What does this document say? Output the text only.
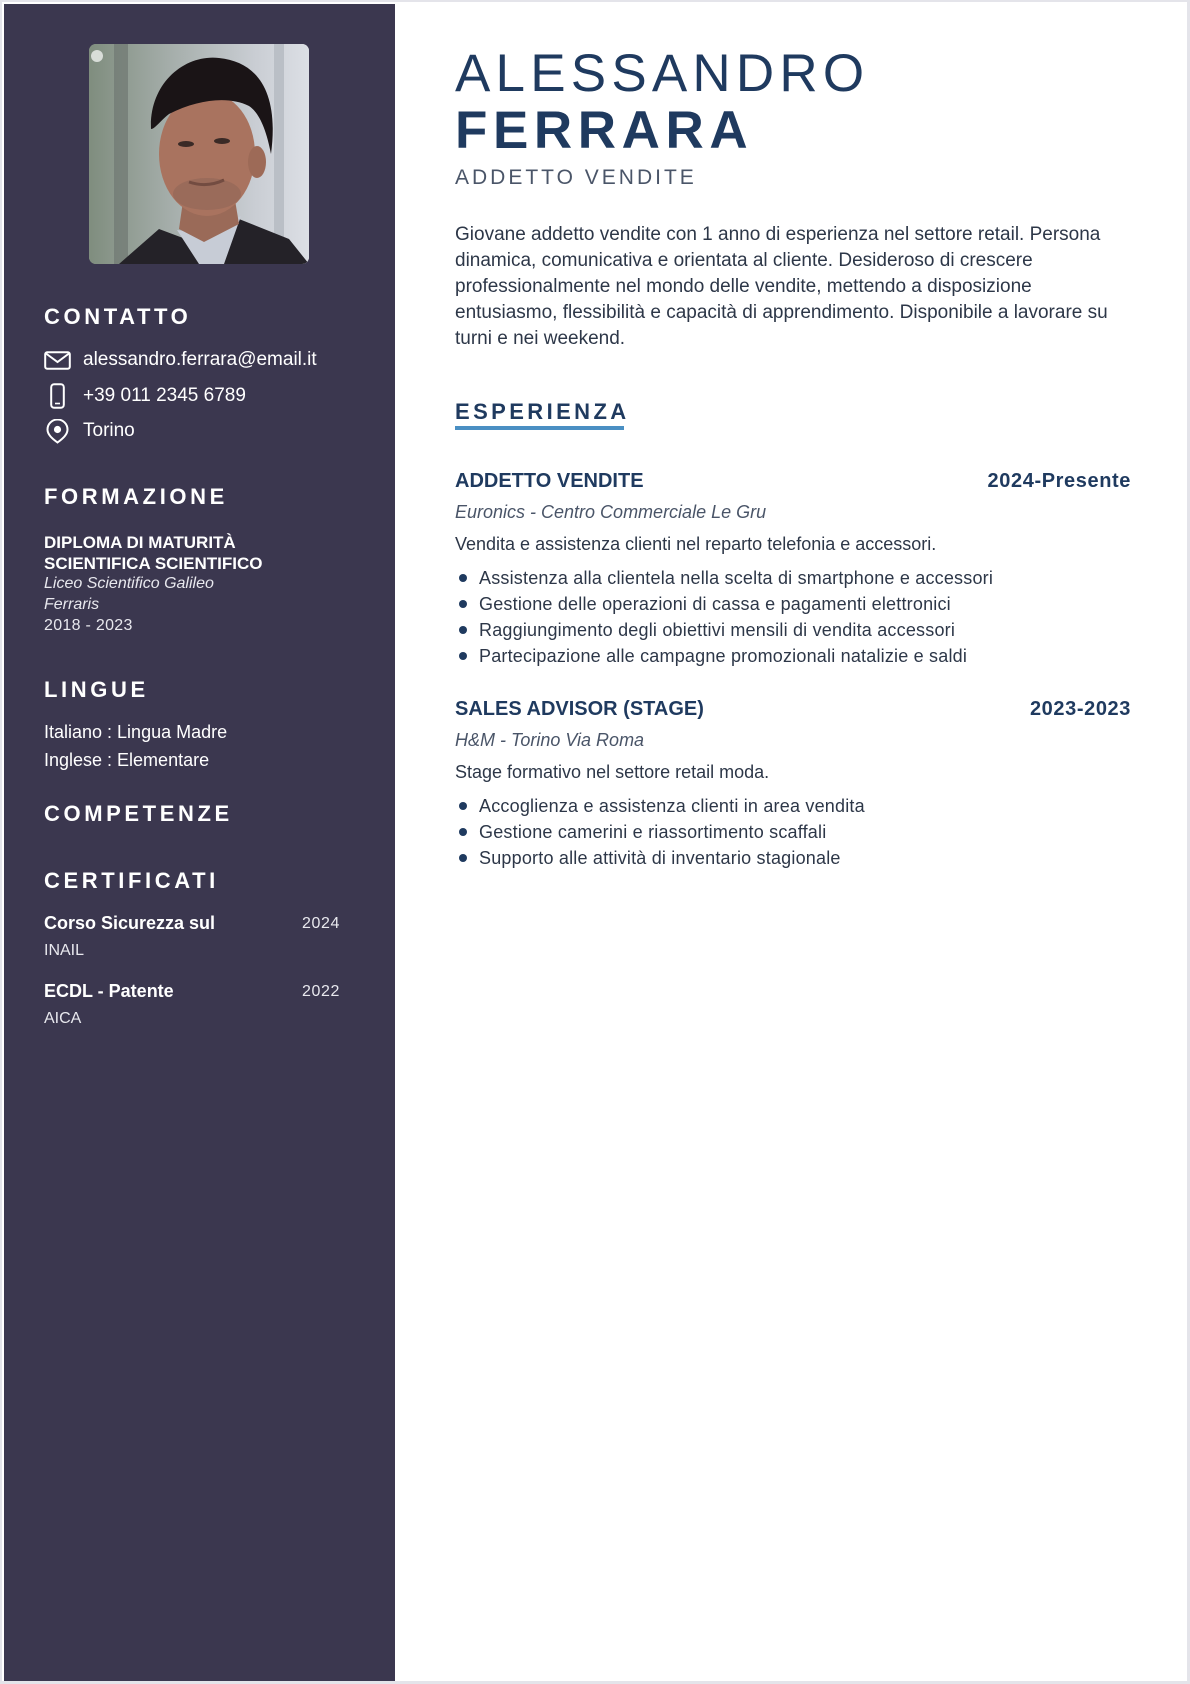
CONTATTO
alessandro.ferrara@email.it
+39 011 2345 6789
Torino
FORMAZIONE
DIPLOMA DI MATURITÀ SCIENTIFICA SCIENTIFICO
Liceo Scientifico Galileo Ferraris
2018 - 2023
LINGUE
Italiano : Lingua Madre
Inglese : Elementare
COMPETENZE
CERTIFICATI
Corso Sicurezza sul	2024
INAIL
ECDL - Patente	2022
AICA
ALESSANDRO
FERRARA
ADDETTO VENDITE

Giovane addetto vendite con 1 anno di esperienza nel settore retail. Persona dinamica, comunicativa e orientata al cliente. Desideroso di crescere professionalmente nel mondo delle vendite, mettendo a disposizione entusiasmo, flessibilità e capacità di apprendimento. Disponibile a lavorare su turni e nei weekend.

ESPERIENZA
ADDETTO VENDITE	2024-Presente
Euronics - Centro Commerciale Le Gru
Vendita e assistenza clienti nel reparto telefonia e accessori.
Assistenza alla clientela nella scelta di smartphone e accessori
Gestione delle operazioni di cassa e pagamenti elettronici
Raggiungimento degli obiettivi mensili di vendita accessori
Partecipazione alle campagne promozionali natalizie e saldi
SALES ADVISOR (STAGE)	2023-2023
H&M - Torino Via Roma
Stage formativo nel settore retail moda.
Accoglienza e assistenza clienti in area vendita
Gestione camerini e riassortimento scaffali
Supporto alle attività di inventario stagionale
